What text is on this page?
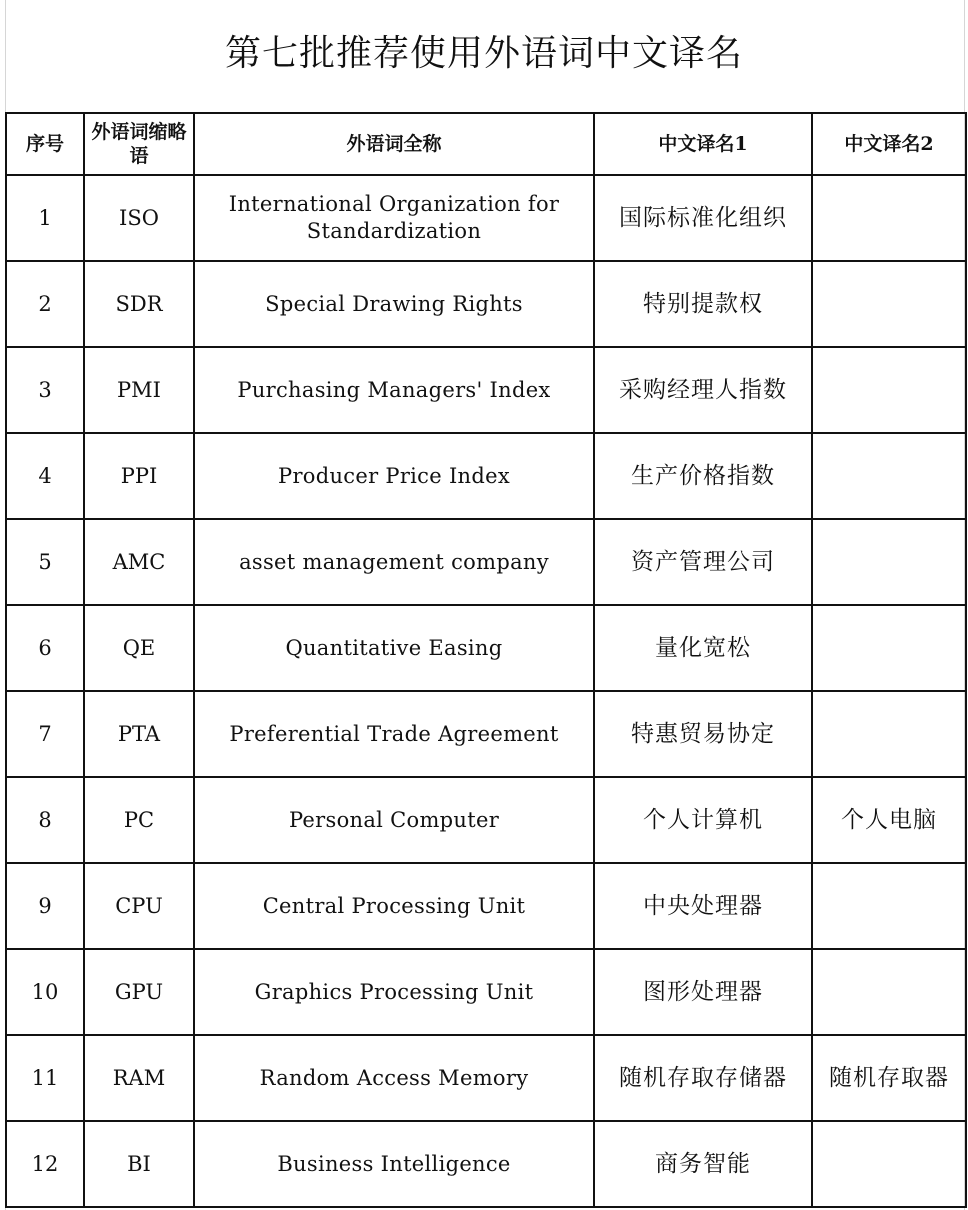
第七批推荐使用外语词中文译名
序号	外语词缩略语	外语词全称	中文译名1	中文译名2
1	ISO	International Organization for Standardization	国际标准化组织	
2	SDR	Special Drawing Rights	特别提款权	
3	PMI	Purchasing Managers' Index	采购经理人指数	
4	PPI	Producer Price Index	生产价格指数	
5	AMC	asset management company	资产管理公司	
6	QE	Quantitative Easing	量化宽松	
7	PTA	Preferential Trade Agreement	特惠贸易协定	
8	PC	Personal Computer	个人计算机	个人电脑
9	CPU	Central Processing Unit	中央处理器	
10	GPU	Graphics Processing Unit	图形处理器	
11	RAM	Random Access Memory	随机存取存储器	随机存取器
12	BI	Business Intelligence	商务智能	
